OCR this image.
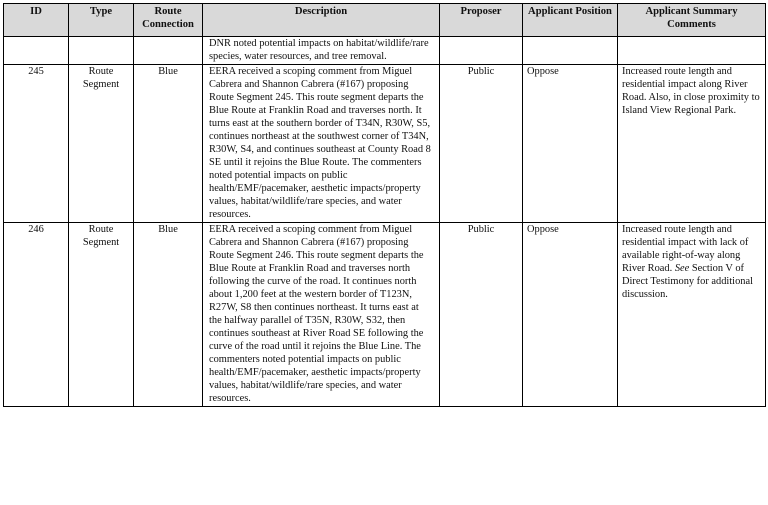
ID	Type	Route Connection	Description	Proposer	Applicant Position	Applicant Summary Comments
			DNR noted potential impacts on habitat/wildlife/rare species, water resources, and tree removal.			
245	Route Segment	Blue	EERA received a scoping comment from Miguel Cabrera and Shannon Cabrera (#167) proposing Route Segment 245. This route segment departs the Blue Route at Franklin Road and traverses north. It turns east at the southern border of T34N, R30W, S5, continues northeast at the southwest corner of T34N, R30W, S4, and continues southeast at County Road 8 SE until it rejoins the Blue Route. The commenters noted potential impacts on public health/EMF/pacemaker, aesthetic impacts/property values, habitat/wildlife/rare species, and water resources.	Public	Oppose	Increased route length and residential impact along River Road. Also, in close proximity to Island View Regional Park.
246	Route Segment	Blue	EERA received a scoping comment from Miguel Cabrera and Shannon Cabrera (#167) proposing Route Segment 246. This route segment departs the Blue Route at Franklin Road and traverses north following the curve of the road. It continues north about 1,200 feet at the western border of T123N, R27W, S8 then continues northeast. It turns east at the halfway parallel of T35N, R30W, S32, then continues southeast at River Road SE following the curve of the road until it rejoins the Blue Line. The commenters noted potential impacts on public health/EMF/pacemaker, aesthetic impacts/property values, habitat/wildlife/rare species, and water resources.	Public	Oppose	Increased route length and residential impact with lack of available right-of-way along River Road. See Section V of Direct Testimony for additional discussion.
